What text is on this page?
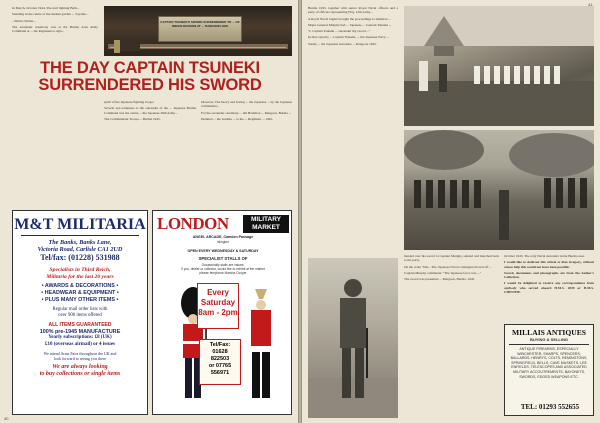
In March, October 1944, The unit fighting Bath...

Standing in the centre of the sunken garden ... Toyama...

...Shinto Shrine...

The surrender ceremony was at the Burma Area Army Command at ... the Regiment to sign...

CAPTAIN TSUNEKI'S SWORD SURRENDERED TO ... OF INDIAN DIVISION AT ... RANGOON 1945
THE DAY CAPTAIN TSUNEKI SURRENDERED HIS SWORD

spirit of the Japanese fighting troops.

Several eye-witnesses to the surrender of the ... Japanese Burma Command was the centre ... the Japanese 28th Army...

The Commandant Troops ... Burma 1945.

Observer. The heavy and boring ... the Japanese ... by the Japanese commander...

For the surrender ceremony ... 4th Battalion ... Rangoon, Burma ...

Detailed ... the Gurkha ... to the ... Regiment ... 1945.

M&T MILITARIA
The Banks, Banks Lane,
Victoria Road, Carlisle CA1 2UD
Tel/fax: (01228) 531988
Specialists in Third Reich,
Militaria for the last 20 years
• AWARDS & DECORATIONS •
• HEADWEAR & EQUIPMENT •
• PLUS MANY OTHER ITEMS •
Regular mail order lists with
over 900 items offered
ALL ITEMS GUARANTEED
100% pre-1945 MANUFACTURE
Yearly subscriptions: £8 (UK)
£10 (overseas airmail) or 4 issues
We attend Arms Fairs throughout the UK and
look forward to seeing you there
We are always looking
to buy collections or single items
LONDON	MILITARY
MARKET
ANGEL ARCADE, Camden Passage
Islington
OPEN EVERY WEDNESDAY & SATURDAY
SPECIALIST STALLS OF
Occasionally stalls are vacant.
If you, dealer or collector, would like to exhibit at the market
please telephone Marsha Cooper
Every Saturday 8am - 2pm
Tel/Fax:
01628
822503
or 07765
556971
40

Burma 1945, together with senior Royal Naval officers and a party of officers representing H.Q. 12th Army...

A Royal Naval bugler brought the proceedings to attention ...

Major General Murphy had ... Japanese ... Captain Tsuneki ...

"I, Captain Tsuneki ... surrender my sword ..."

In that capacity ... Captain Tsuneki, ... the Japanese Navy ...

Surely ... the Japanese surrender ... Rangoon 1945.

handed over his sword to Captain Murphy, saluted and marched back to his party.

On the order "Dis... The Japanese Naval contingent moved off ...

Captain Murphy comments: "The Japanese force was ..."

The sword was presented ... Rangoon, Burma, 1945.

October 1945. The only Naval surrender in the Burma area.

I would like to dedicate this article to Ron Gregory, without whose help this would not have been possible.

Sword, documents and photographs are from the Author's Collection.

I would be delighted to receive any correspondence from anybody who served aboard H.M.S. 2839 or H.M.S. CHINTHE.

MILLAIS ANTIQUES
BUYING & SELLING
ANTIQUE FIREARMS, ESPECIALLY WINCHESTER, SHARPS, SPENCERS, BALLARDS, HENRYS, COLTS, REMINGTONS, SPRINGFIELD, BELLS, CAVE MUSKETS, LEE ENFIELDS, TELESCOPES AND ASSOCIATED MILITARY ACCOUTREMENTS, BAYONETS, SWORDS, EDGED WEAPONS ETC.
TEL: 01293 552655
41
